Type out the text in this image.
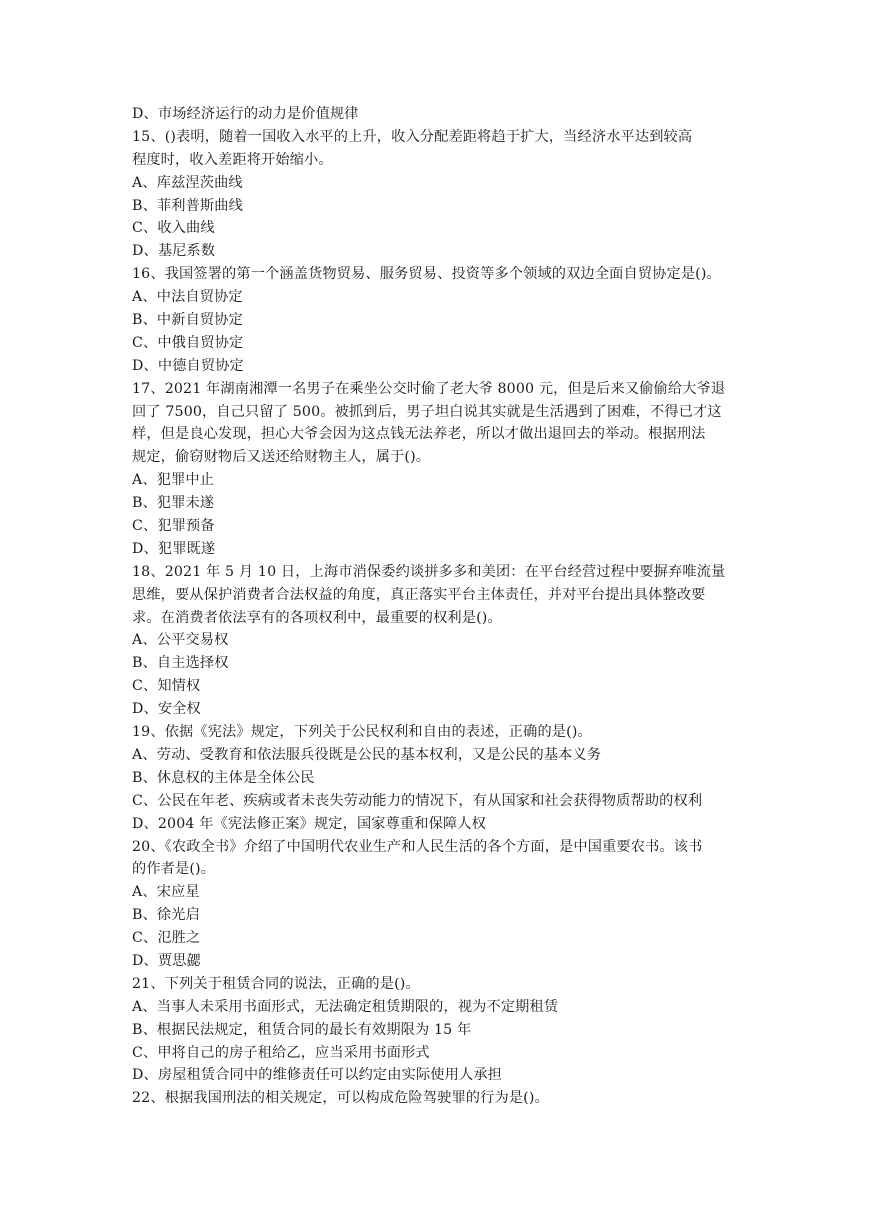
D、市场经济运行的动力是价值规律
15、()表明，随着一国收入水平的上升，收入分配差距将趋于扩大，当经济水平达到较高
程度时，收入差距将开始缩小。
A、库兹涅茨曲线
B、菲利普斯曲线
C、收入曲线
D、基尼系数
16、我国签署的第一个涵盖货物贸易、服务贸易、投资等多个领域的双边全面自贸协定是()。
A、中法自贸协定
B、中新自贸协定
C、中俄自贸协定
D、中德自贸协定
17、2021 年湖南湘潭一名男子在乘坐公交时偷了老大爷 8000 元，但是后来又偷偷给大爷退
回了 7500，自己只留了 500。被抓到后，男子坦白说其实就是生活遇到了困难，不得已才这
样，但是良心发现，担心大爷会因为这点钱无法养老，所以才做出退回去的举动。根据刑法
规定，偷窃财物后又送还给财物主人，属于()。
A、犯罪中止
B、犯罪未遂
C、犯罪预备
D、犯罪既遂
18、2021 年 5 月 10 日，上海市消保委约谈拼多多和美团：在平台经营过程中要摒弃唯流量
思维，要从保护消费者合法权益的角度，真正落实平台主体责任，并对平台提出具体整改要
求。在消费者依法享有的各项权利中，最重要的权利是()。
A、公平交易权
B、自主选择权
C、知情权
D、安全权
19、依据《宪法》规定，下列关于公民权利和自由的表述，正确的是()。
A、劳动、受教育和依法服兵役既是公民的基本权利，又是公民的基本义务
B、休息权的主体是全体公民
C、公民在年老、疾病或者未丧失劳动能力的情况下，有从国家和社会获得物质帮助的权利
D、2004 年《宪法修正案》规定，国家尊重和保障人权
20、《农政全书》介绍了中国明代农业生产和人民生活的各个方面，是中国重要农书。该书
的作者是()。
A、宋应星
B、徐光启
C、氾胜之
D、贾思勰
21、下列关于租赁合同的说法，正确的是()。
A、当事人未采用书面形式，无法确定租赁期限的，视为不定期租赁
B、根据民法规定，租赁合同的最长有效期限为 15 年
C、甲将自己的房子租给乙，应当采用书面形式
D、房屋租赁合同中的维修责任可以约定由实际使用人承担
22、根据我国刑法的相关规定，可以构成危险驾驶罪的行为是()。
